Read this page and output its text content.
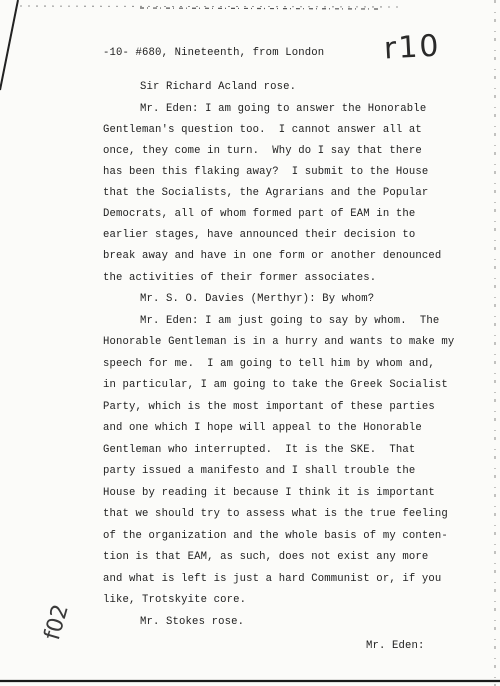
r10
-10- #680, Nineteenth, from London
Sir Richard Acland rose.
Mr. Eden: I am going to answer the Honorable
Gentleman's question too.  I cannot answer all at
once, they come in turn.  Why do I say that there
has been this flaking away?  I submit to the House
that the Socialists, the Agrarians and the Popular
Democrats, all of whom formed part of EAM in the
earlier stages, have announced their decision to
break away and have in one form or another denounced
the activities of their former associates.
Mr. S. O. Davies (Merthyr): By whom?
Mr. Eden: I am just going to say by whom.  The
Honorable Gentleman is in a hurry and wants to make my
speech for me.  I am going to tell him by whom and,
in particular, I am going to take the Greek Socialist
Party, which is the most important of these parties
and one which I hope will appeal to the Honorable
Gentleman who interrupted.  It is the SKE.  That
party issued a manifesto and I shall trouble the
House by reading it because I think it is important
that we should try to assess what is the true feeling
of the organization and the whole basis of my conten-
tion is that EAM, as such, does not exist any more
and what is left is just a hard Communist or, if you
like, Trotskyite core.
Mr. Stokes rose.
Mr. Eden:
f02
